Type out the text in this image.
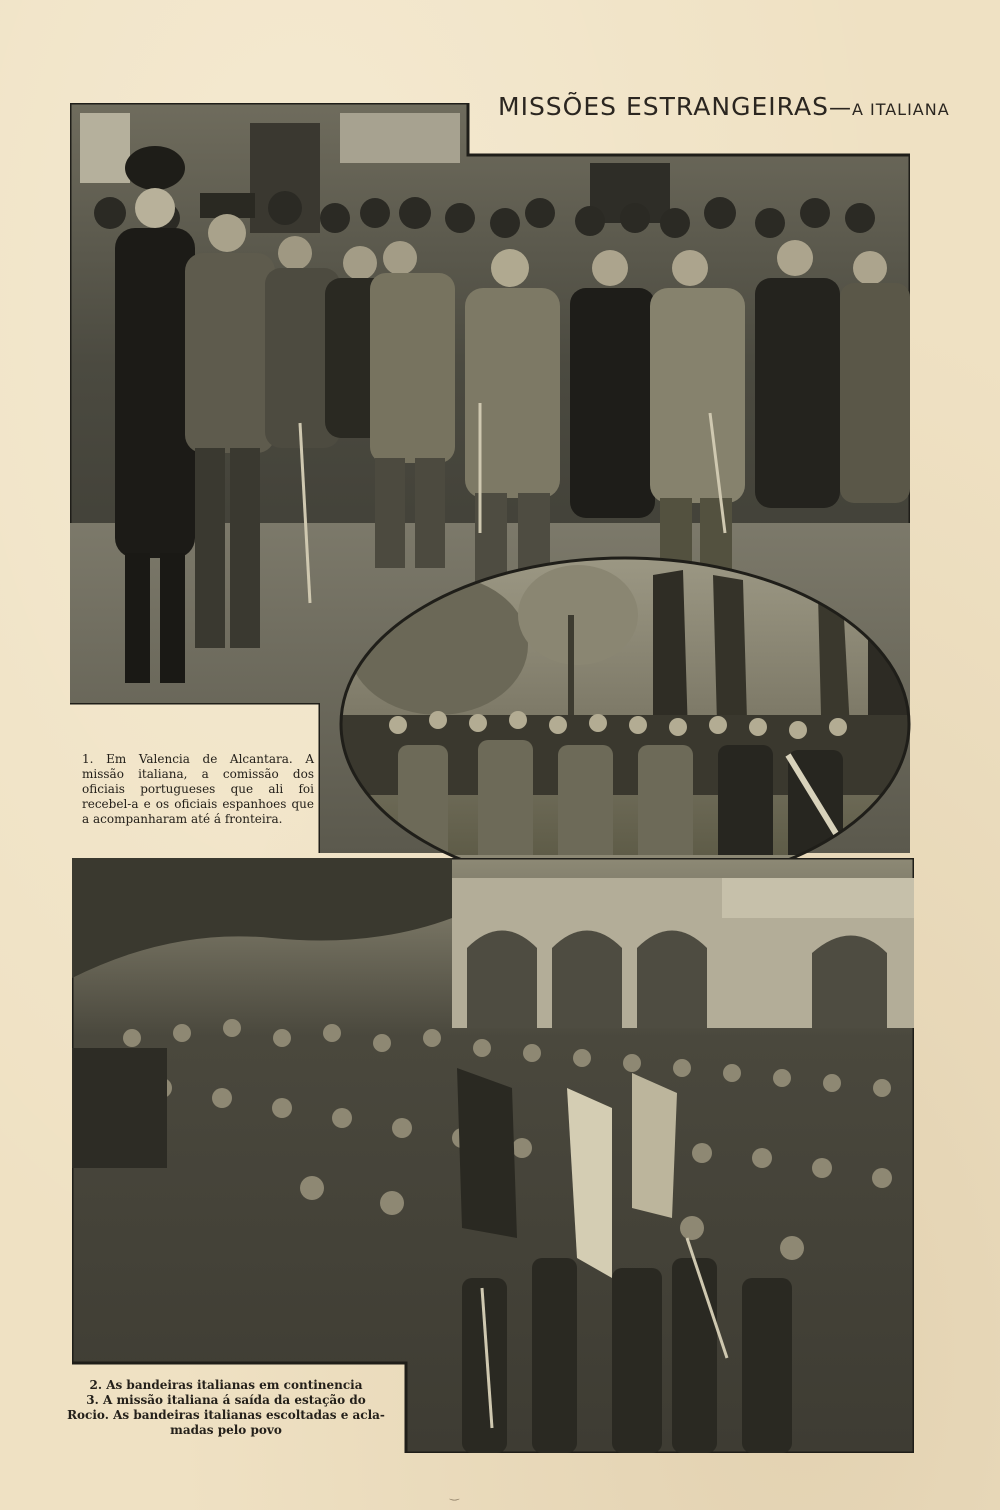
MISSÕES ESTRANGEIRAS—A ITALIANA
1. Em Valencia de Alcantara. A missão italiana, a comissão dos oficiais portugueses que ali foi recebel-a e os oficiais espanhoes que a acompanharam até á fronteira.
2. As bandeiras italianas em continencia
3. A missão italiana á saída da estação do
Rocio. As bandeiras italianas escoltadas e acla-
madas pelo povo
‿
